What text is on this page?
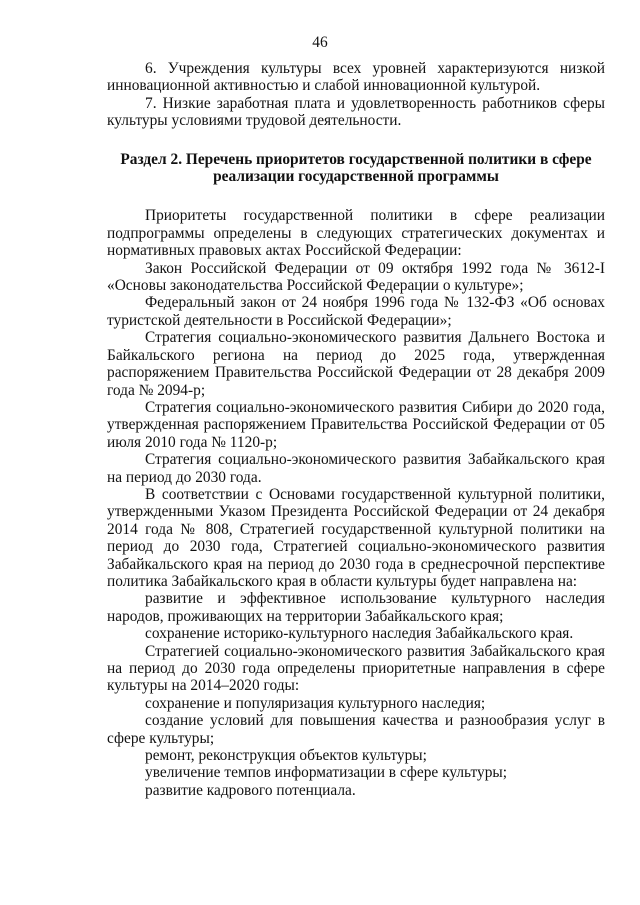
46

6. Учреждения культуры всех уровней характеризуются низкой инновационной активностью и слабой инновационной культурой.

7. Низкие заработная плата и удовлетворенность работников сферы культуры условиями трудовой деятельности.

Раздел 2. Перечень приоритетов государственной политики в сфере реализации государственной программы

Приоритеты государственной политики в сфере реализации подпрограммы определены в следующих стратегических документах и нормативных правовых актах Российской Федерации:

Закон Российской Федерации от 09 октября 1992 года № 3612-I «Основы законодательства Российской Федерации о культуре»;

Федеральный закон от 24 ноября 1996 года № 132-ФЗ «Об основах туристской деятельности в Российской Федерации»;

Стратегия социально-экономического развития Дальнего Востока и Байкальского региона на период до 2025 года, утвержденная распоряжением Правительства Российской Федерации от 28 декабря 2009 года № 2094-р;

Стратегия социально-экономического развития Сибири до 2020 года, утвержденная распоряжением Правительства Российской Федерации от 05 июля 2010 года № 1120-р;

Стратегия социально-экономического развития Забайкальского края на период до 2030 года.

В соответствии с Основами государственной культурной политики, утвержденными Указом Президента Российской Федерации от 24 декабря 2014 года № 808, Стратегией государственной культурной политики на период до 2030 года, Стратегией социально-экономического развития Забайкальского края на период до 2030 года в среднесрочной перспективе политика Забайкальского края в области культуры будет направлена на:

развитие и эффективное использование культурного наследия народов, проживающих на территории Забайкальского края;

сохранение историко-культурного наследия Забайкальского края.

Стратегией социально-экономического развития Забайкальского края на период до 2030 года определены приоритетные направления в сфере культуры на 2014–2020 годы:

сохранение и популяризация культурного наследия;

создание условий для повышения качества и разнообразия услуг в сфере культуры;

ремонт, реконструкция объектов культуры;

увеличение темпов информатизации в сфере культуры;

развитие кадрового потенциала.
